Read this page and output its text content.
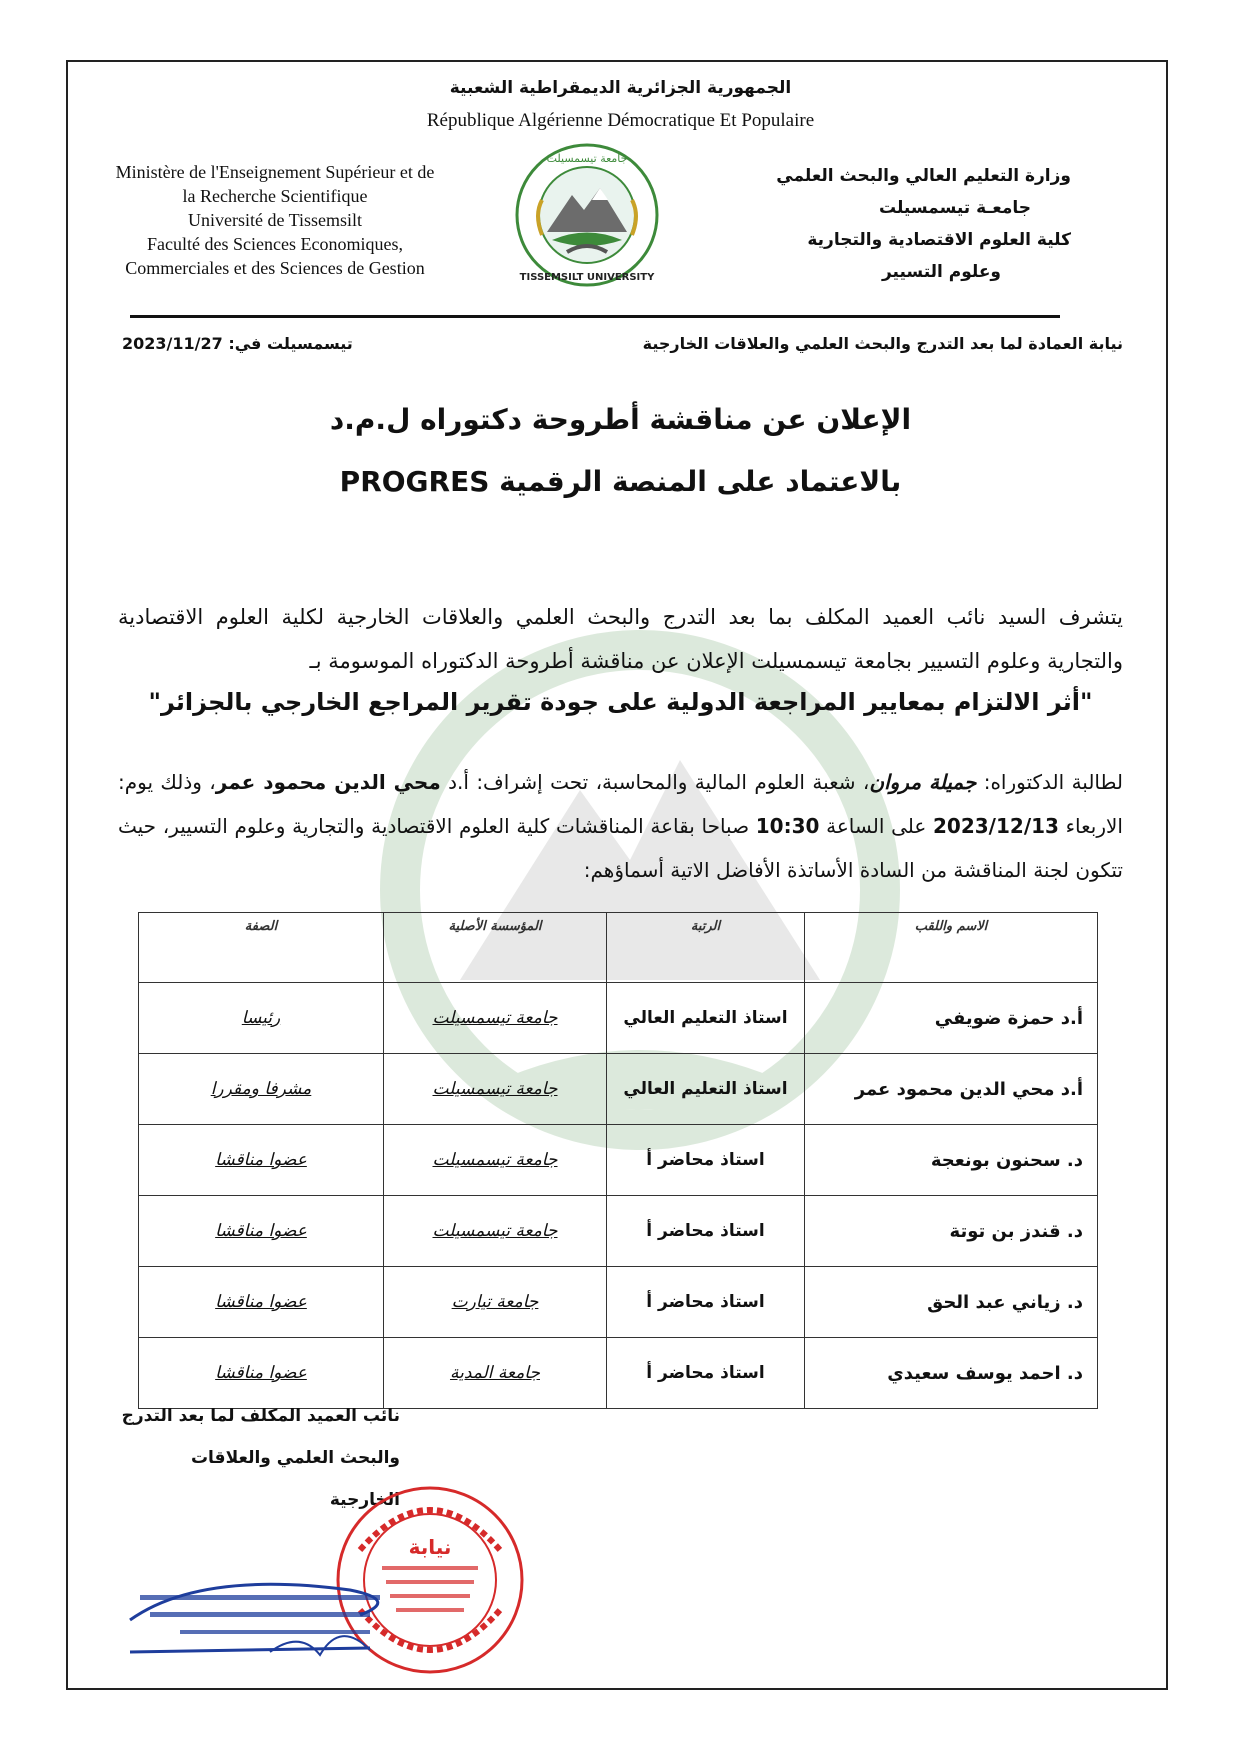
الجمهورية الجزائرية الديمقراطية الشعبية
République Algérienne Démocratique Et Populaire
Ministère de l'Enseignement Supérieur et de
la Recherche Scientifique
Université de Tissemsilt
Faculté des Sciences Economiques,
Commerciales et des Sciences de Gestion
جامعة تيسمسيلت
TISSEMSILT UNIVERSITY
وزارة التعليم العالي والبحث العلمي
جامعـة تيسمسيلت
كلية العلوم الاقتصادية والتجارية
وعلوم التسيير
نيابة العمادة لما بعد التدرج والبحث العلمي والعلاقات الخارجية
تيسمسيلت في: 2023/11/27
الإعلان عن مناقشة أطروحة دكتوراه ل.م.د
بالاعتماد على المنصة الرقمية PROGRES
يتشرف السيد نائب العميد المكلف بما بعد التدرج والبحث العلمي والعلاقات الخارجية لكلية العلوم الاقتصادية والتجارية وعلوم التسيير بجامعة تيسمسيلت الإعلان عن مناقشة أطروحة الدكتوراه الموسومة بـ
"أثر الالتزام بمعايير المراجعة الدولية على جودة تقرير المراجع الخارجي بالجزائر"
لطالبة الدكتوراه: جميلة مروان، شعبة العلوم المالية والمحاسبة، تحت إشراف: أ.د محي الدين محمود عمر، وذلك يوم: الاربعاء 2023/12/13 على الساعة 10:30 صباحا بقاعة المناقشات كلية العلوم الاقتصادية والتجارية وعلوم التسيير، حيث تتكون لجنة المناقشة من السادة الأساتذة الأفاضل الاتية أسماؤهم:
الاسم واللقب	الرتبة	المؤسسة الأصلية	الصفة
أ.د حمزة ضويفي	استاذ التعليم العالي	جامعة تيسمسيلت	رئيسا
أ.د محي الدين محمود عمر	استاذ التعليم العالي	جامعة تيسمسيلت	مشرفا ومقررا
د. سحنون بونعجة	استاذ محاضر أ	جامعة تيسمسيلت	عضوا مناقشا
د. قندز بن توتة	استاذ محاضر أ	جامعة تيسمسيلت	عضوا مناقشا
د. زياني عبد الحق	استاذ محاضر أ	جامعة تيارت	عضوا مناقشا
د. احمد يوسف سعيدي	استاذ محاضر أ	جامعة المدية	عضوا مناقشا
نائب العميد المكلف لما بعد التدرج
والبحث العلمي والعلاقات الخارجية
نيابة
